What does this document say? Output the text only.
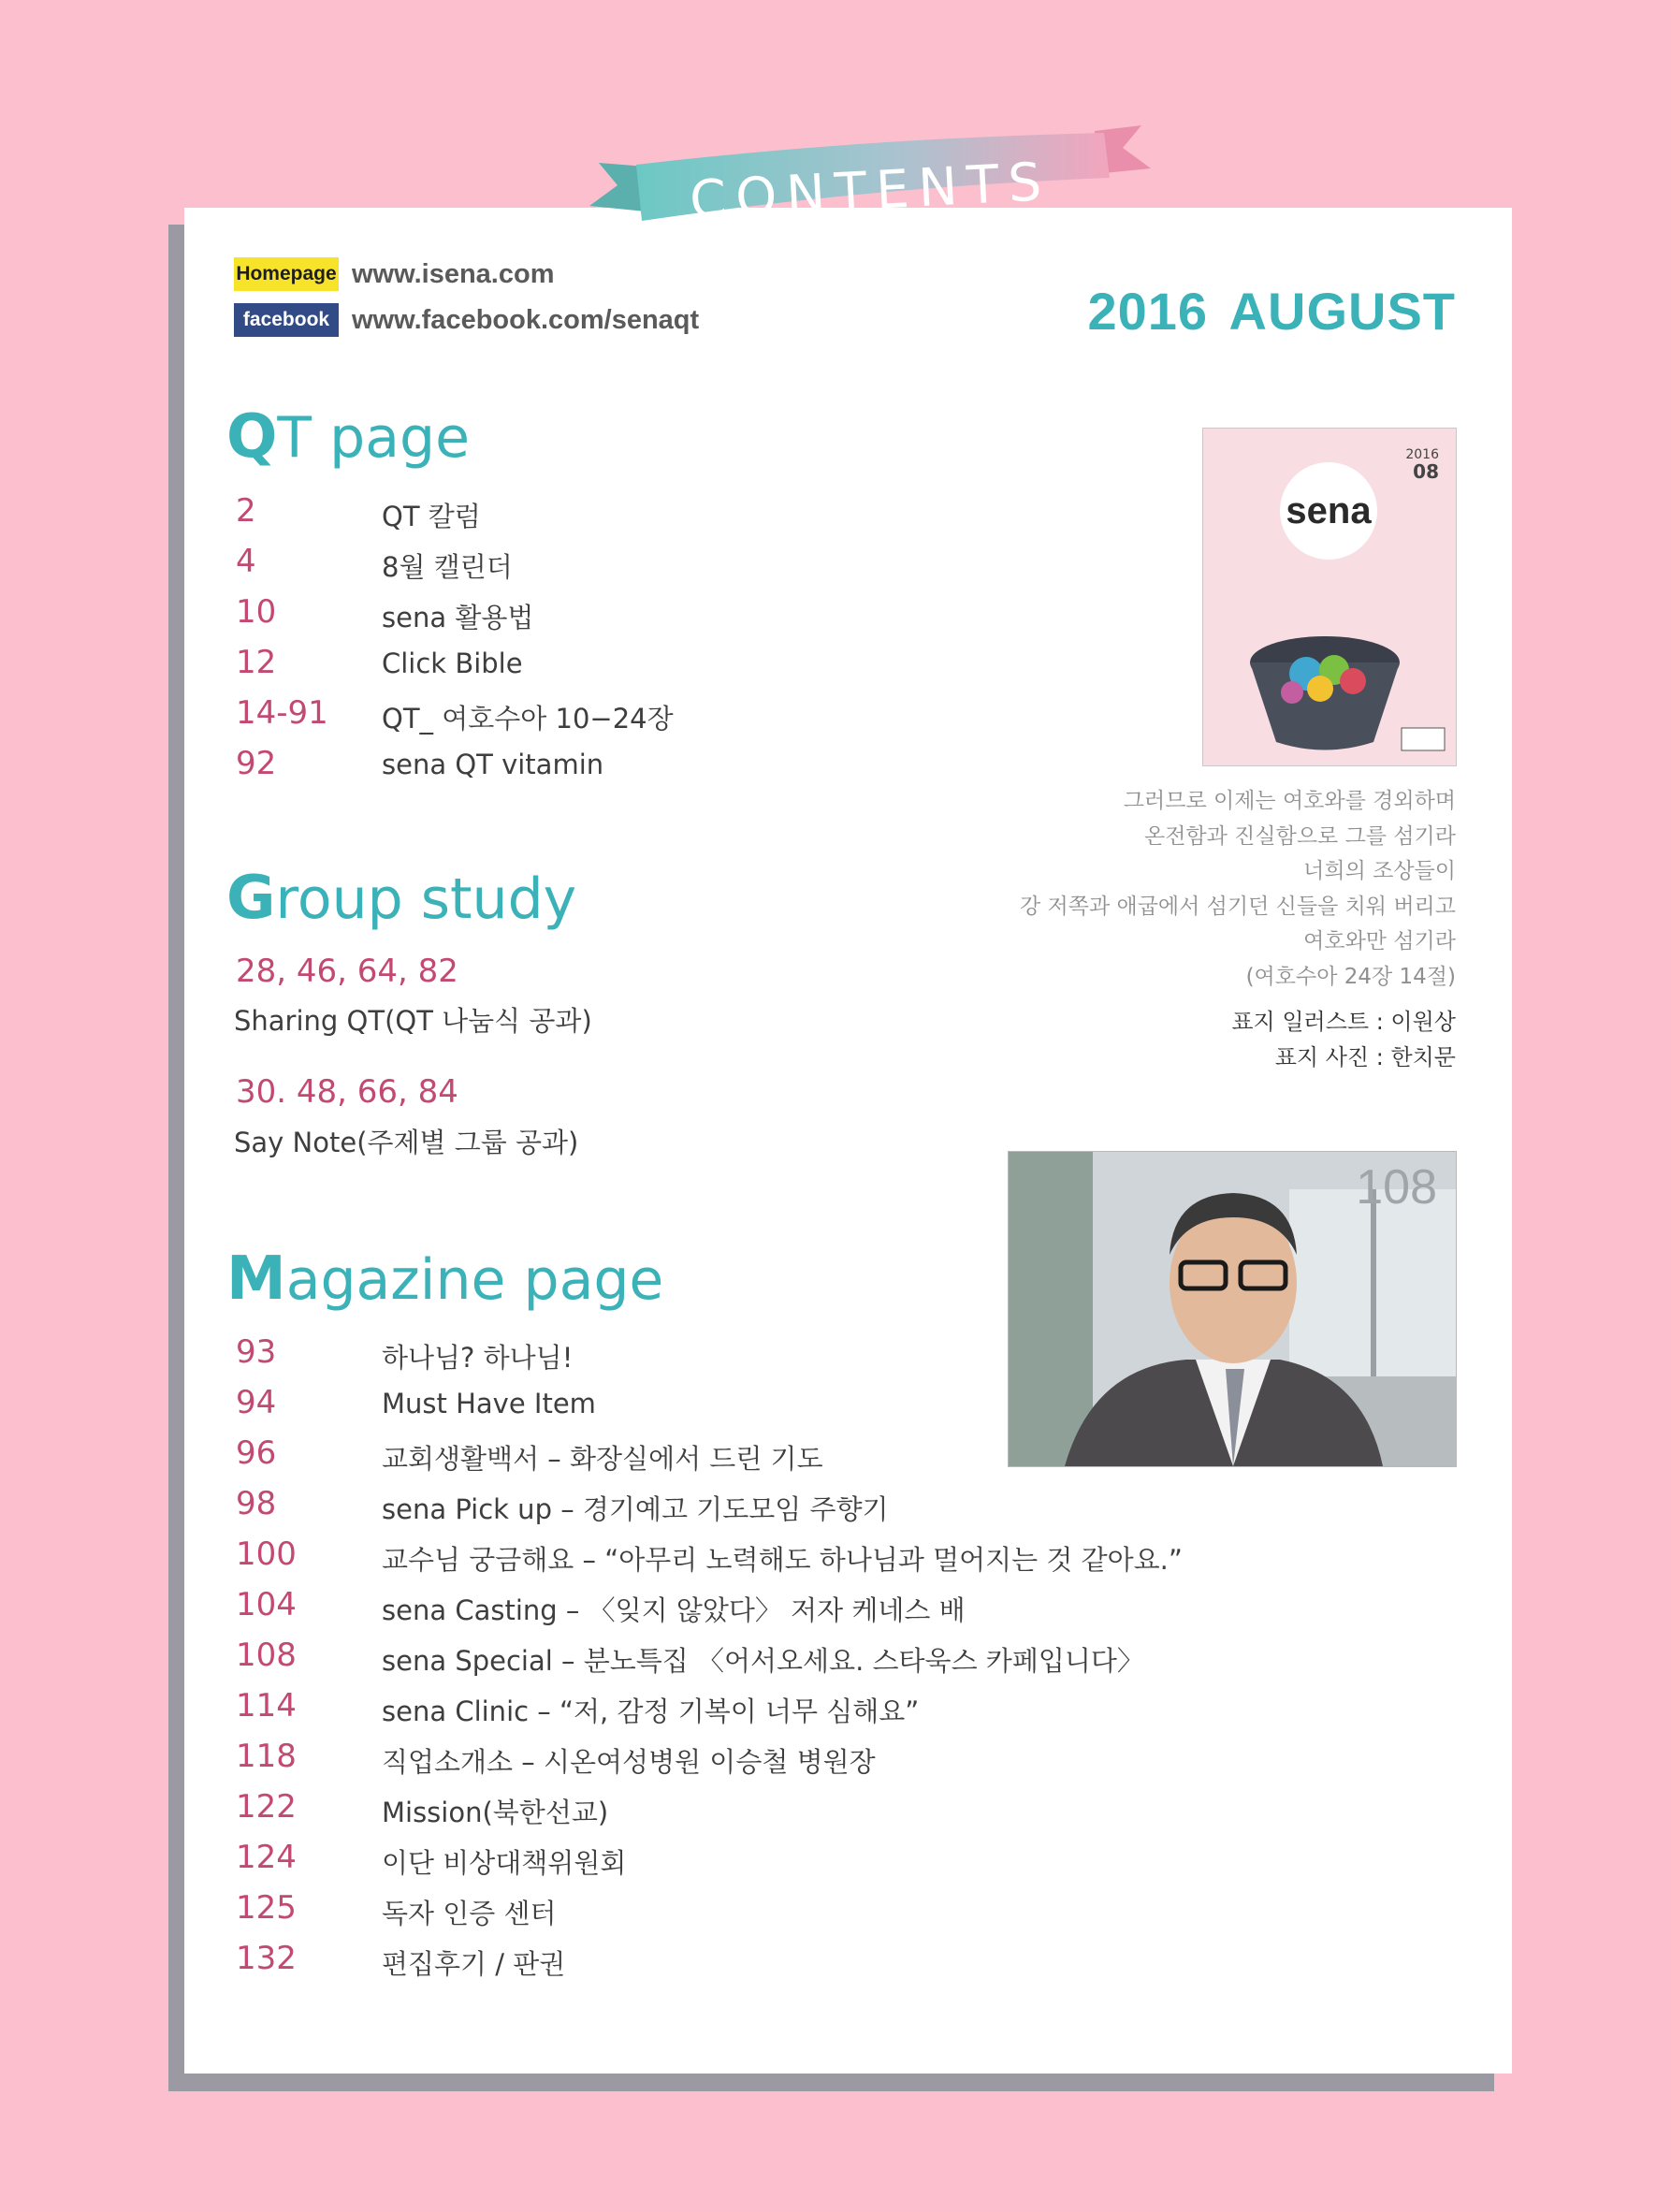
CONTENTS
Homepage www.isena.com
facebook www.facebook.com/senaqt	2016 AUGUST
QT page
2	QT 칼럼
4	8월 캘린더
10	sena 활용법
12	Click Bible
14-91 QT_ 여호수아 10−24장
92	sena QT vitamin
Group study
28, 46, 64, 82
Sharing QT(QT 나눔식 공과)
30. 48, 66, 84
Say Note(주제별 그룹 공과)
Magazine page
93	하나님? 하나님!
94	Must Have Item
96	교회생활백서 – 화장실에서 드린 기도
98	sena Pick up – 경기예고 기도모임 주향기
100	교수님 궁금해요 – “아무리 노력해도 하나님과 멀어지는 것 같아요.”
104	sena Casting – 〈잊지 않았다〉 저자 케네스 배
108	sena Special – 분노특집 〈어서오세요. 스타욱스 카페입니다〉
114	sena Clinic – “저, 감정 기복이 너무 심해요”
118	직업소개소 – 시온여성병원 이승철 병원장
122	Mission(북한선교)
124	이단 비상대책위원회
125	독자 인증 센터
132	편집후기 / 판권
2016
08
sena
그러므로 이제는 여호와를 경외하며
온전함과 진실함으로 그를 섬기라
너희의 조상들이
강 저쪽과 애굽에서 섬기던 신들을 치워 버리고
여호와만 섬기라
(여호수아 24장 14절)
표지 일러스트 : 이원상
표지 사진 : 한치문
108
